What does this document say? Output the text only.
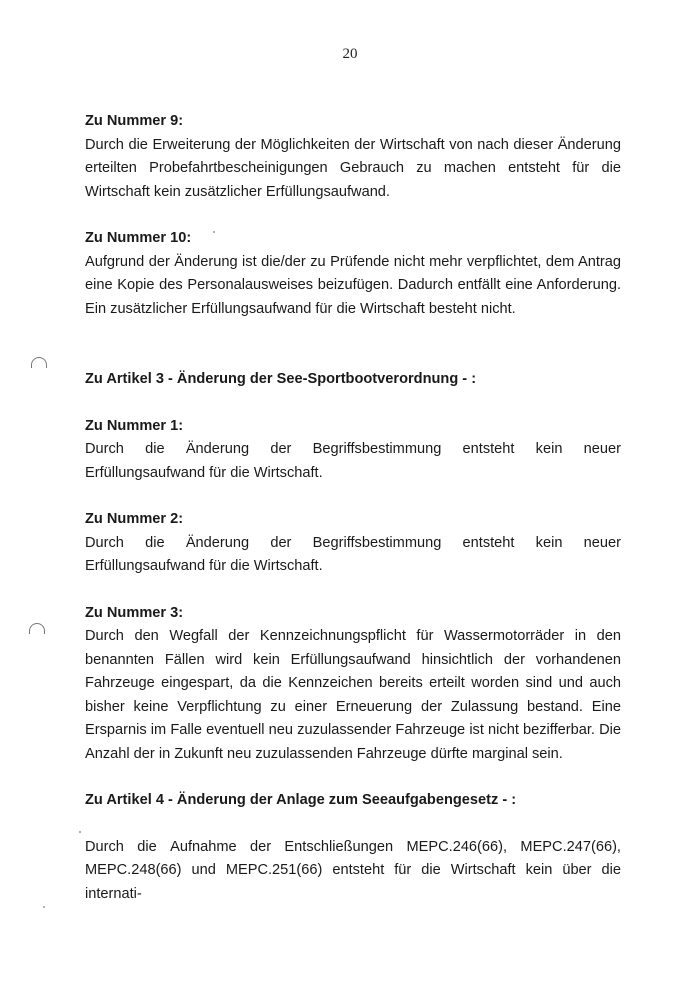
20

Zu Nummer 9:

Durch die Erweiterung der Möglichkeiten der Wirtschaft von nach dieser Änderung erteilten Probefahrtbescheinigungen Gebrauch zu machen entsteht für die Wirtschaft kein zusätzlicher Erfüllungsaufwand.

Zu Nummer 10:

Aufgrund der Änderung ist die/der zu Prüfende nicht mehr verpflichtet, dem Antrag eine Kopie des Personalausweises beizufügen. Dadurch entfällt eine Anforderung. Ein zusätzlicher Erfüllungsaufwand für die Wirtschaft besteht nicht.

Zu Artikel 3 - Änderung der See-Sportbootverordnung - :

Zu Nummer 1:

Durch die Änderung der Begriffsbestimmung entsteht kein neuer Erfüllungsaufwand für die Wirtschaft.

Zu Nummer 2:

Durch die Änderung der Begriffsbestimmung entsteht kein neuer Erfüllungsaufwand für die Wirtschaft.

Zu Nummer 3:

Durch den Wegfall der Kennzeichnungspflicht für Wassermotorräder in den benannten Fällen wird kein Erfüllungsaufwand hinsichtlich der vorhandenen Fahrzeuge eingespart, da die Kennzeichen bereits erteilt worden sind und auch bisher keine Verpflichtung zu einer Erneuerung der Zulassung bestand. Eine Ersparnis im Falle eventuell neu zuzulassender Fahrzeuge ist nicht bezifferbar. Die Anzahl der in Zukunft neu zuzulassenden Fahrzeuge dürfte marginal sein.

Zu Artikel 4 - Änderung der Anlage zum Seeaufgabengesetz - :

Durch die Aufnahme der Entschließungen MEPC.246(66), MEPC.247(66),

MEPC.248(66) und MEPC.251(66) entsteht für die Wirtschaft kein über die internati-
